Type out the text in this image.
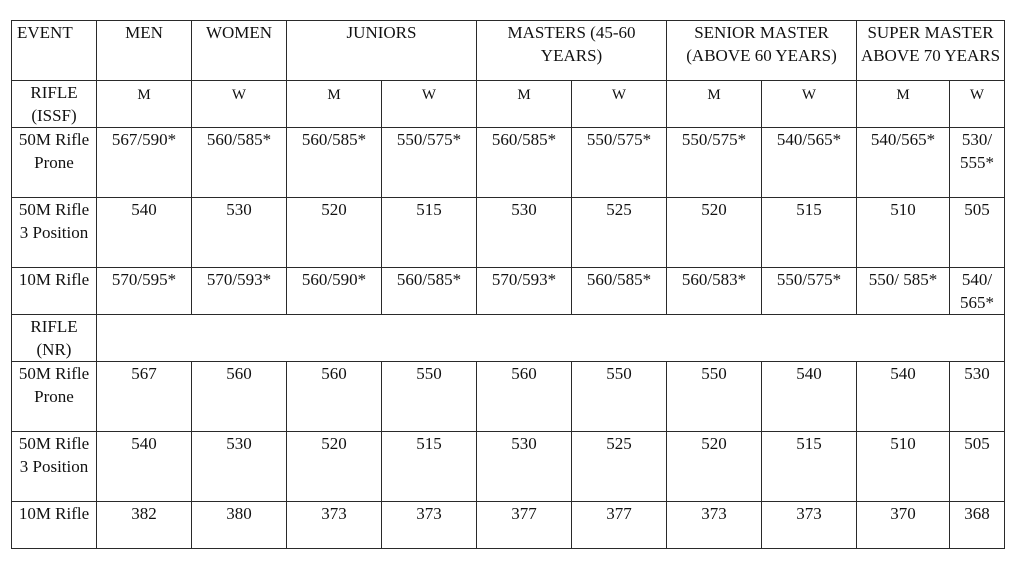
EVENT	MEN	WOMEN	JUNIORS		MASTERS (45-60 YEARS)		SENIOR MASTER (ABOVE 60 YEARS)		SUPER MASTER ABOVE 70 YEARS	
RIFLE (ISSF)	M	W	M	W	M	W	M	W	M	W
50M Rifle Prone	567/590*	560/585*	560/585*	550/575*	560/585*	550/575*	550/575*	540/565*	540/565*	530/ 555*
50M Rifle 3 Position	540	530	520	515	530	525	520	515	510	505
10M Rifle	570/595*	570/593*	560/590*	560/585*	570/593*	560/585*	560/583*	550/575*	550/ 585*	540/ 565*
RIFLE (NR)										
50M Rifle Prone	567	560	560	550	560	550	550	540	540	530
50M Rifle 3 Position	540	530	520	515	530	525	520	515	510	505
10M Rifle	382	380	373	373	377	377	373	373	370	368
